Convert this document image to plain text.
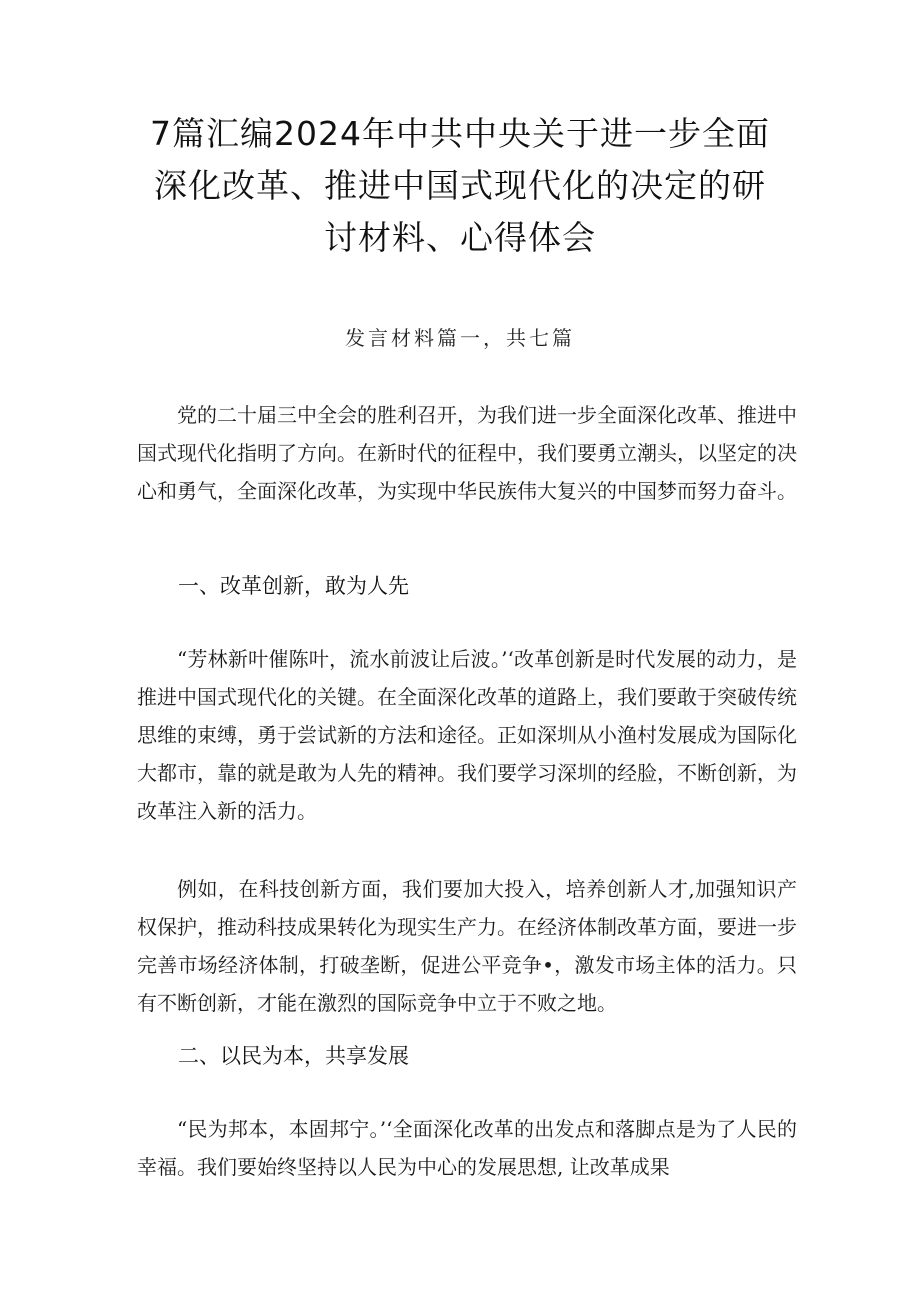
7篇汇编2024年中共中央关于进一步全面
深化改革、推进中国式现代化的决定的研
讨材料、心得体会
发言材料篇一，共七篇

党的二十届三中全会的胜利召开，为我们进一步全面深化改革、推进中国式现代化指明了方向。在新时代的征程中，我们要勇立潮头，以坚定的决心和勇气，全面深化改革，为实现中华民族伟大复兴的中国梦而努力奋斗。

一、改革创新，敢为人先

“芳林新叶催陈叶，流水前波让后波。’‘改革创新是时代发展的动力，是推进中国式现代化的关键。在全面深化改革的道路上，我们要敢于突破传统思维的束缚，勇于尝试新的方法和途径。正如深圳从小渔村发展成为国际化大都市，靠的就是敢为人先的精神。我们要学习深圳的经脸，不断创新，为改革注入新的活力。

例如，在科技创新方面，我们要加大投入，培养创新人才,加强知识产权保护，推动科技成果转化为现实生产力。在经济体制改革方面，要进一步完善市场经济体制，打破垄断，促进公平竞争•，激发市场主体的活力。只有不断创新，才能在激烈的国际竞争中立于不败之地。

二、以民为本，共享发展

“民为邦本，本固邦宁。’‘全面深化改革的出发点和落脚点是为了人民的幸福。我们要始终坚持以人民为中心的发展思想, 让改革成果
